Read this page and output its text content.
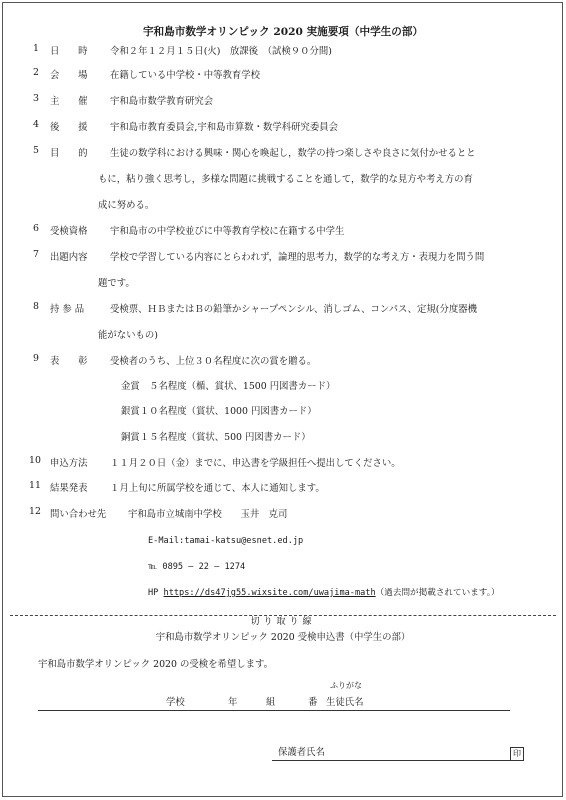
宇和島市数学オリンピック 2020 実施要項（中学生の部）
1	日　　時 令和２年１２月１５日(火)　放課後　（試検９０分間)
2	会　　場 在籍している中学校・中等教育学校
3	主　　催 宇和島市数学教育研究会
4	後　　援 宇和島市教育委員会,宇和島市算数・数学科研究委員会
5	目　　的 生徒の数学科における興味・関心を喚起し，数学の持つ楽しさや良さに気付かせるとと
もに，粘り強く思考し，多様な問題に挑戦することを通して，数学的な見方や考え方の育
成に努める。
6	受検資格 宇和島市の中学校並びに中等教育学校に在籍する中学生
7	出題内容 学校で学習している内容にとらわれず，論理的思考力，数学的な考え方・表現力を問う問
題です。
8	持 参 品	受検票、ＨＢまたはＢの鉛筆かシャープペンシル、消しゴム、コンパス、定規(分度器機
能がないもの)
9	表　　彰 受検者のうち、上位３０名程度に次の賞を贈る。
10 申込方法 １１月２０日（金）までに、申込書を学級担任へ提出してください。
11 結果発表 １月上旬に所属学校を通じて、本人に通知します。
12 問い合わせ先 宇和島市立城南中学校　　玉井　克司
金賞　５名程度（楯、賞状、1500 円図書カード）
銀賞１０名程度（賞状、1000 円図書カード）
銅賞１５名程度（賞状、500 円図書カード）
E-Mail:tamai-katsu@esnet.ed.jp
℡ 0895 – 22 – 1274
HP https://ds47jg55.wixsite.com/uwajima-math（過去問が掲載されています。）
切り取り線
宇和島市数学オリンピック 2020 受検申込書（中学生の部）
宇和島市数学オリンピック 2020 の受検を希望します。
ふりがな
学校	年	組	番 生徒氏名
保護者氏名	印
